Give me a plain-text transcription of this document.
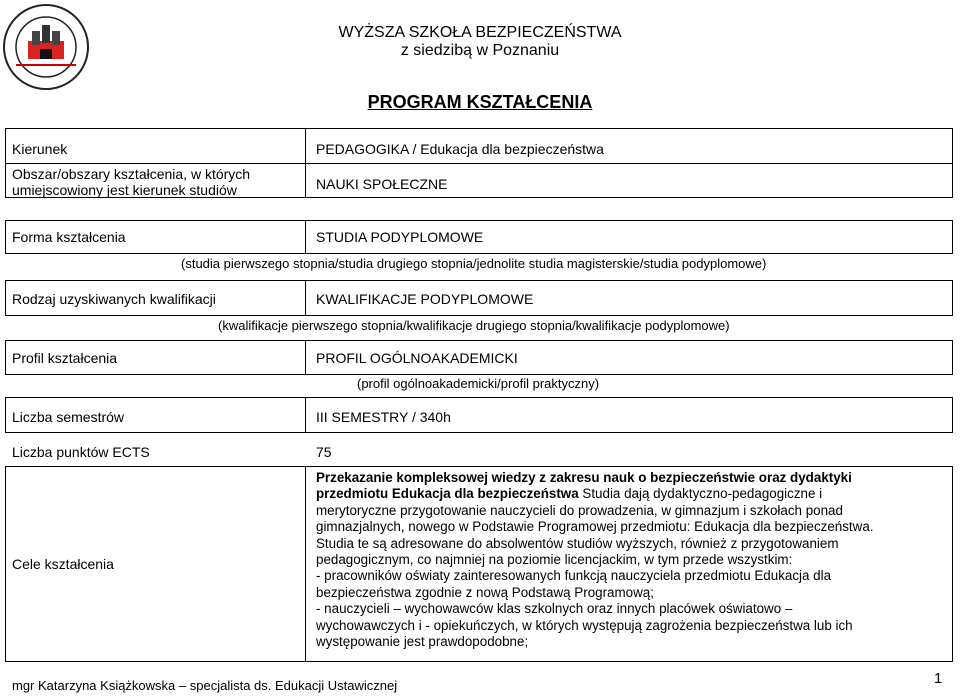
WYŻSZA SZKOŁA BEZPIECZEŃSTWA
z siedzibą w Poznaniu
PROGRAM KSZTAŁCENIA
Kierunek	PEDAGOGIKA / Edukacja dla bezpieczeństwa
Obszar/obszary kształcenia, w których
umiejscowiony jest kierunek studiów	NAUKI SPOŁECZNE
Forma kształcenia	STUDIA PODYPLOMOWE
(studia pierwszego stopnia/studia drugiego stopnia/jednolite studia magisterskie/studia podyplomowe)
Rodzaj uzyskiwanych kwalifikacji	KWALIFIKACJE PODYPLOMOWE
(kwalifikacje pierwszego stopnia/kwalifikacje drugiego stopnia/kwalifikacje podyplomowe)
Profil kształcenia	PROFIL OGÓLNOAKADEMICKI
(profil ogólnoakademicki/profil praktyczny)
Liczba semestrów	III SEMESTRY / 340h
Liczba punktów ECTS	75
Cele kształcenia
Przekazanie kompleksowej wiedzy z zakresu nauk o bezpieczeństwie oraz dydaktyki
przedmiotu Edukacja dla bezpieczeństwa Studia dają dydaktyczno-pedagogiczne i
merytoryczne przygotowanie nauczycieli do prowadzenia, w gimnazjum i szkołach ponad
gimnazjalnych, nowego w Podstawie Programowej przedmiotu: Edukacja dla bezpieczeństwa.
Studia te są adresowane do absolwentów studiów wyższych, również z przygotowaniem
pedagogicznym, co najmniej na poziomie licencjackim, w tym przede wszystkim:
- pracowników oświaty zainteresowanych funkcją nauczyciela przedmiotu Edukacja dla
bezpieczeństwa zgodnie z nową Podstawą Programową;
- nauczycieli – wychowawców klas szkolnych oraz innych placówek oświatowo –
wychowawczych i - opiekuńczych, w których występują zagrożenia bezpieczeństwa lub ich
występowanie jest prawdopodobne;
mgr Katarzyna Książkowska – specjalista ds. Edukacji Ustawicznej	1
